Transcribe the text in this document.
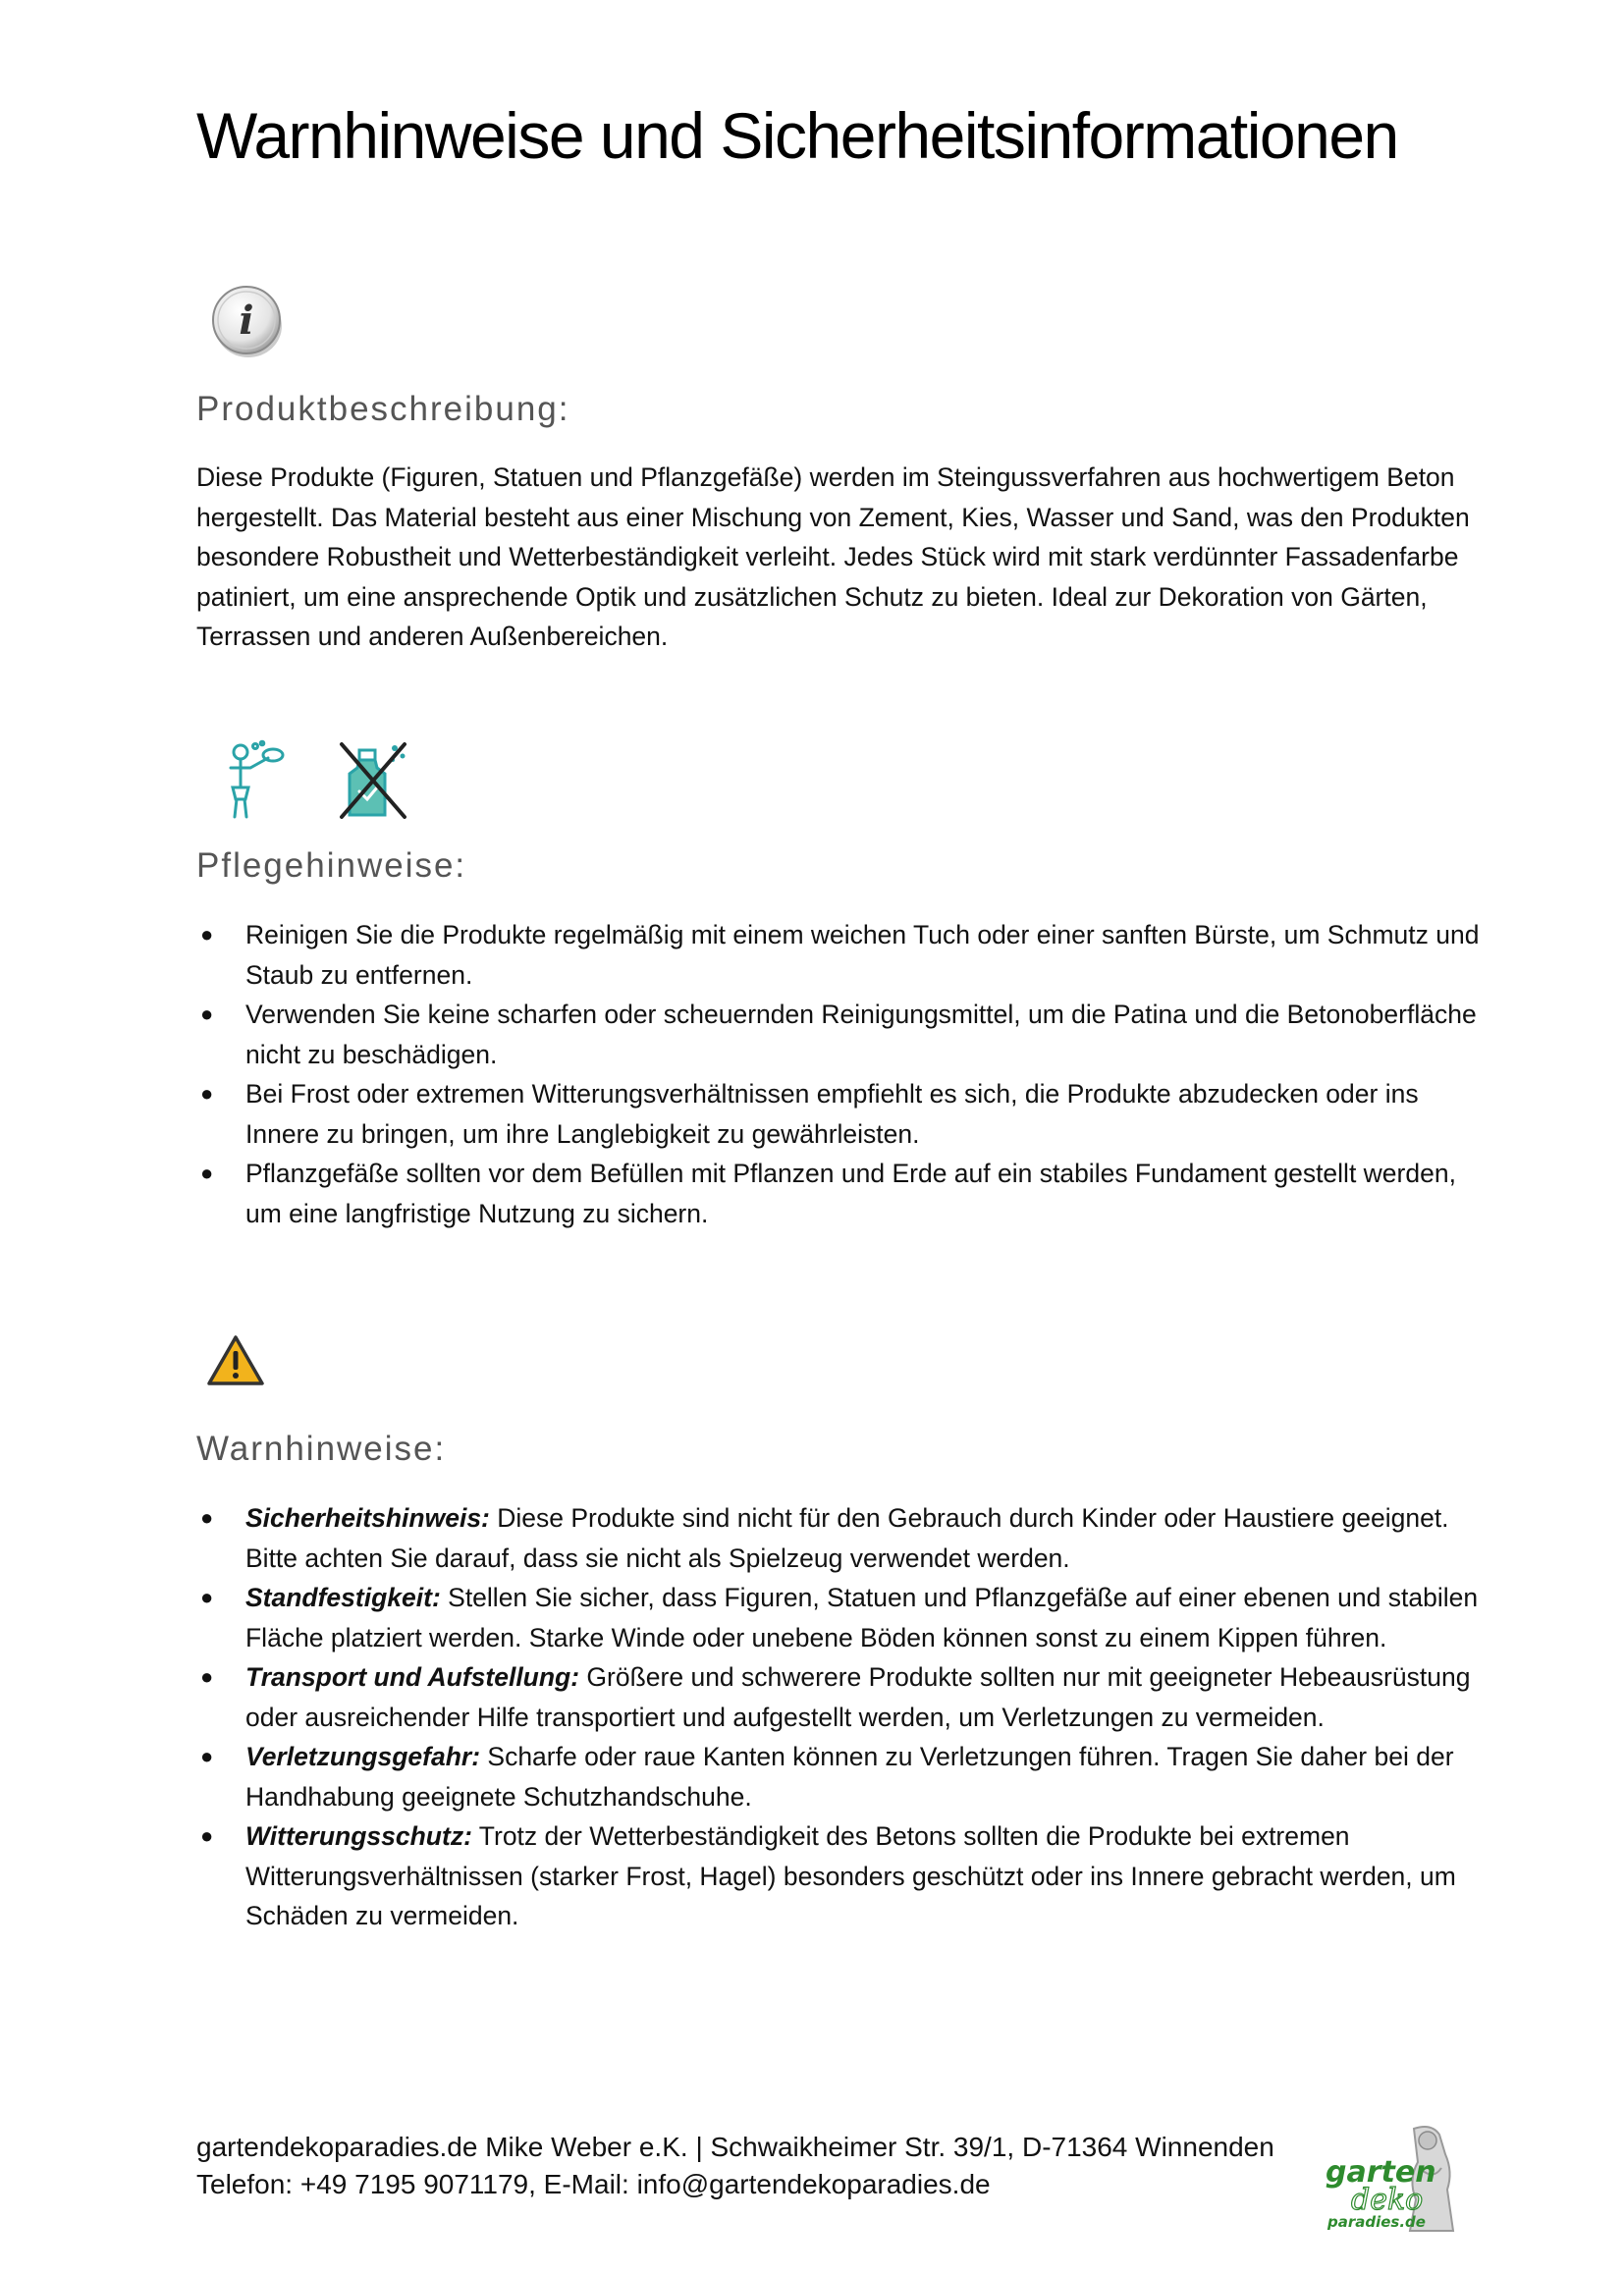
Warnhinweise und Sicherheitsinformationen
i
Produktbeschreibung:

Diese Produkte (Figuren, Statuen und Pflanzgefäße) werden im Steingussverfahren aus hochwertigem Beton hergestellt. Das Material besteht aus einer Mischung von Zement, Kies, Wasser und Sand, was den Produkten besondere Robustheit und Wetterbeständigkeit verleiht. Jedes Stück wird mit stark verdünnter Fassadenfarbe patiniert, um eine ansprechende Optik und zusätzlichen Schutz zu bieten. Ideal zur Dekoration von Gärten, Terrassen und anderen Außenbereichen.

Pflegehinweise:
● Reinigen Sie die Produkte regelmäßig mit einem weichen Tuch oder einer sanften Bürste, um Schmutz und Staub zu entfernen.
● Verwenden Sie keine scharfen oder scheuernden Reinigungsmittel, um die Patina und die Betonoberfläche nicht zu beschädigen.
● Bei Frost oder extremen Witterungsverhältnissen empfiehlt es sich, die Produkte abzudecken oder ins Innere zu bringen, um ihre Langlebigkeit zu gewährleisten.
● Pflanzgefäße sollten vor dem Befüllen mit Pflanzen und Erde auf ein stabiles Fundament gestellt werden, um eine langfristige Nutzung zu sichern.
Warnhinweise:
● Sicherheitshinweis: Diese Produkte sind nicht für den Gebrauch durch Kinder oder Haustiere geeignet. Bitte achten Sie darauf, dass sie nicht als Spielzeug verwendet werden.
● Standfestigkeit: Stellen Sie sicher, dass Figuren, Statuen und Pflanzgefäße auf einer ebenen und stabilen Fläche platziert werden. Starke Winde oder unebene Böden können sonst zu einem Kippen führen.
● Transport und Aufstellung: Größere und schwerere Produkte sollten nur mit geeigneter Hebeausrüstung oder ausreichender Hilfe transportiert und aufgestellt werden, um Verletzungen zu vermeiden.
● Verletzungsgefahr: Scharfe oder raue Kanten können zu Verletzungen führen. Tragen Sie daher bei der Handhabung geeignete Schutzhandschuhe.
● Witterungsschutz: Trotz der Wetterbeständigkeit des Betons sollten die Produkte bei extremen Witterungsverhältnissen (starker Frost, Hagel) besonders geschützt oder ins Innere gebracht werden, um Schäden zu vermeiden.
gartendekoparadies.de Mike Weber e.K. | Schwaikheimer Str. 39/1, D-71364 Winnenden
Telefon: +49 7195 9071179, E-Mail: info@gartendekoparadies.de	garten
deko
paradies.de
